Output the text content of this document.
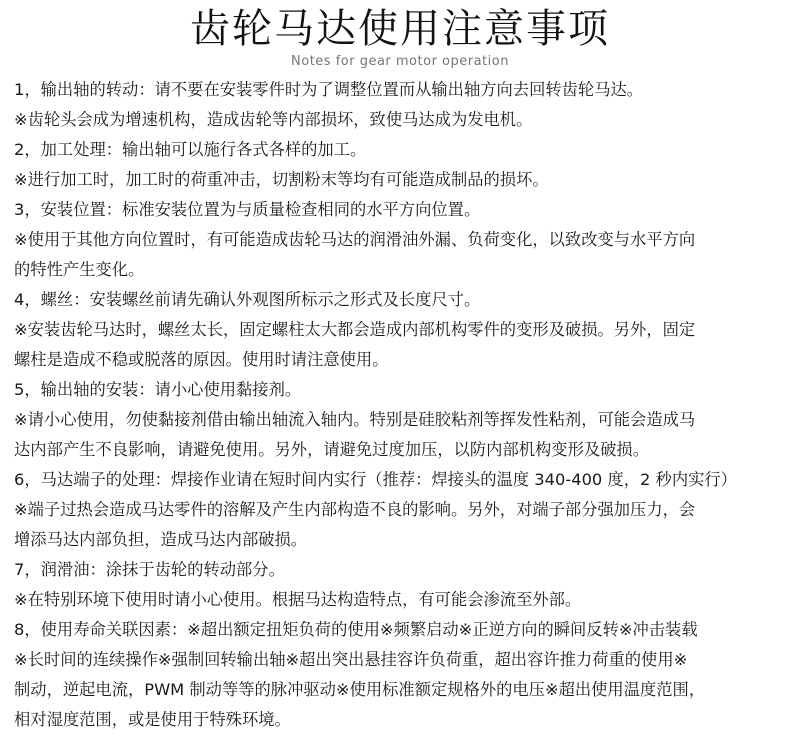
齿轮马达使用注意事项
Notes for gear motor operation
1，输出轴的转动：请不要在安装零件时为了调整位置而从输出轴方向去回转齿轮马达。
※齿轮头会成为增速机构，造成齿轮等内部损坏，致使马达成为发电机。
2，加工处理：输出轴可以施行各式各样的加工。
※进行加工时，加工时的荷重冲击，切割粉末等均有可能造成制品的损坏。
3，安装位置：标准安装位置为与质量检查相同的水平方向位置。
※使用于其他方向位置时，有可能造成齿轮马达的润滑油外漏、负荷变化，以致改变与水平方向
的特性产生变化。
4，螺丝：安装螺丝前请先确认外观图所标示之形式及长度尺寸。
※安装齿轮马达时，螺丝太长，固定螺柱太大都会造成内部机构零件的变形及破损。另外，固定
螺柱是造成不稳或脱落的原因。使用时请注意使用。
5，输出轴的安装：请小心使用黏接剂。
※请小心使用，勿使黏接剂借由输出轴流入轴内。特别是硅胶粘剂等挥发性粘剂，可能会造成马
达内部产生不良影响，请避免使用。另外，请避免过度加压，以防内部机构变形及破损。
6，马达端子的处理：焊接作业请在短时间内实行（推荐：焊接头的温度 340-400 度，2 秒内实行）
※端子过热会造成马达零件的溶解及产生内部构造不良的影响。另外，对端子部分强加压力，会
增添马达内部负担，造成马达内部破损。
7，润滑油：涂抹于齿轮的转动部分。
※在特别环境下使用时请小心使用。根据马达构造特点，有可能会渗流至外部。
8，使用寿命关联因素：※超出额定扭矩负荷的使用※频繁启动※正逆方向的瞬间反转※冲击装载
※长时间的连续操作※强制回转输出轴※超出突出悬挂容许负荷重，超出容许推力荷重的使用※
制动，逆起电流，PWM 制动等等的脉冲驱动※使用标准额定规格外的电压※超出使用温度范围，
相对湿度范围，或是使用于特殊环境。
